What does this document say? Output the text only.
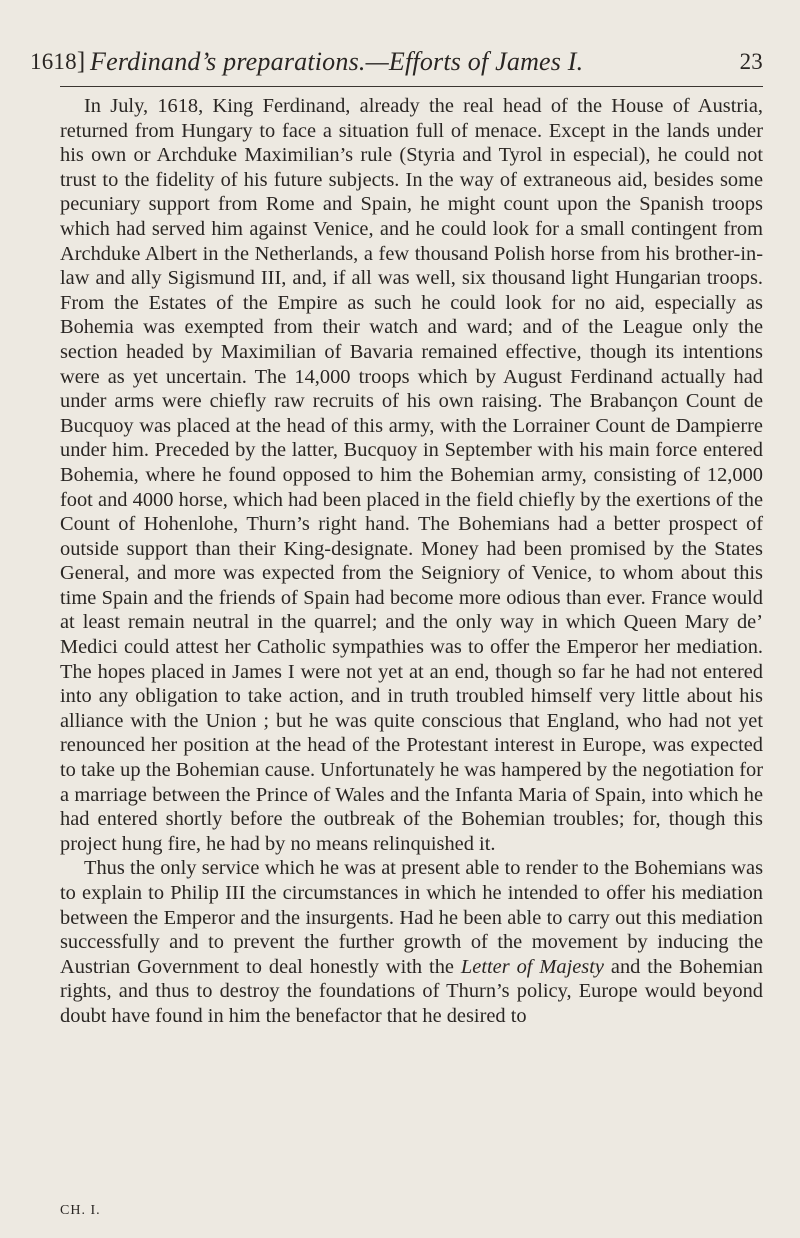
1618] Ferdinand’s preparations.—Efforts of James I.	23

In July, 1618, King Ferdinand, already the real head of the House of Austria, returned from Hungary to face a situation full of menace. Except in the lands under his own or Archduke Maximilian’s rule (Styria and Tyrol in especial), he could not trust to the fidelity of his future subjects. In the way of extraneous aid, besides some pecuniary support from Rome and Spain, he might count upon the Spanish troops which had served him against Venice, and he could look for a small contingent from Archduke Albert in the Netherlands, a few thousand Polish horse from his brother-in-law and ally Sigismund III, and, if all was well, six thousand light Hungarian troops. From the Estates of the Empire as such he could look for no aid, especially as Bohemia was exempted from their watch and ward; and of the League only the section headed by Maximilian of Bavaria remained effective, though its intentions were as yet uncertain. The 14,000 troops which by August Ferdinand actually had under arms were chiefly raw recruits of his own raising. The Brabançon Count de Bucquoy was placed at the head of this army, with the Lorrainer Count de Dampierre under him. Preceded by the latter, Bucquoy in September with his main force entered Bohemia, where he found opposed to him the Bohemian army, consisting of 12,000 foot and 4000 horse, which had been placed in the field chiefly by the exertions of the Count of Hohenlohe, Thurn’s right hand. The Bohemians had a better prospect of outside support than their King-designate. Money had been promised by the States General, and more was expected from the Seigniory of Venice, to whom about this time Spain and the friends of Spain had become more odious than ever. France would at least remain neutral in the quarrel; and the only way in which Queen Mary de’ Medici could attest her Catholic sympathies was to offer the Emperor her mediation. The hopes placed in James I were not yet at an end, though so far he had not entered into any obligation to take action, and in truth troubled himself very little about his alliance with the Union ; but he was quite conscious that England, who had not yet renounced her position at the head of the Protestant interest in Europe, was expected to take up the Bohemian cause. Unfortunately he was hampered by the negotiation for a marriage between the Prince of Wales and the Infanta Maria of Spain, into which he had entered shortly before the outbreak of the Bohemian troubles; for, though this project hung fire, he had by no means relinquished it.

Thus the only service which he was at present able to render to the Bohemians was to explain to Philip III the circumstances in which he intended to offer his mediation between the Emperor and the insurgents. Had he been able to carry out this mediation successfully and to prevent the further growth of the movement by inducing the Austrian Government to deal honestly with the Letter of Majesty and the Bohemian rights, and thus to destroy the foundations of Thurn’s policy, Europe would beyond doubt have found in him the benefactor that he desired to

CH. I.
